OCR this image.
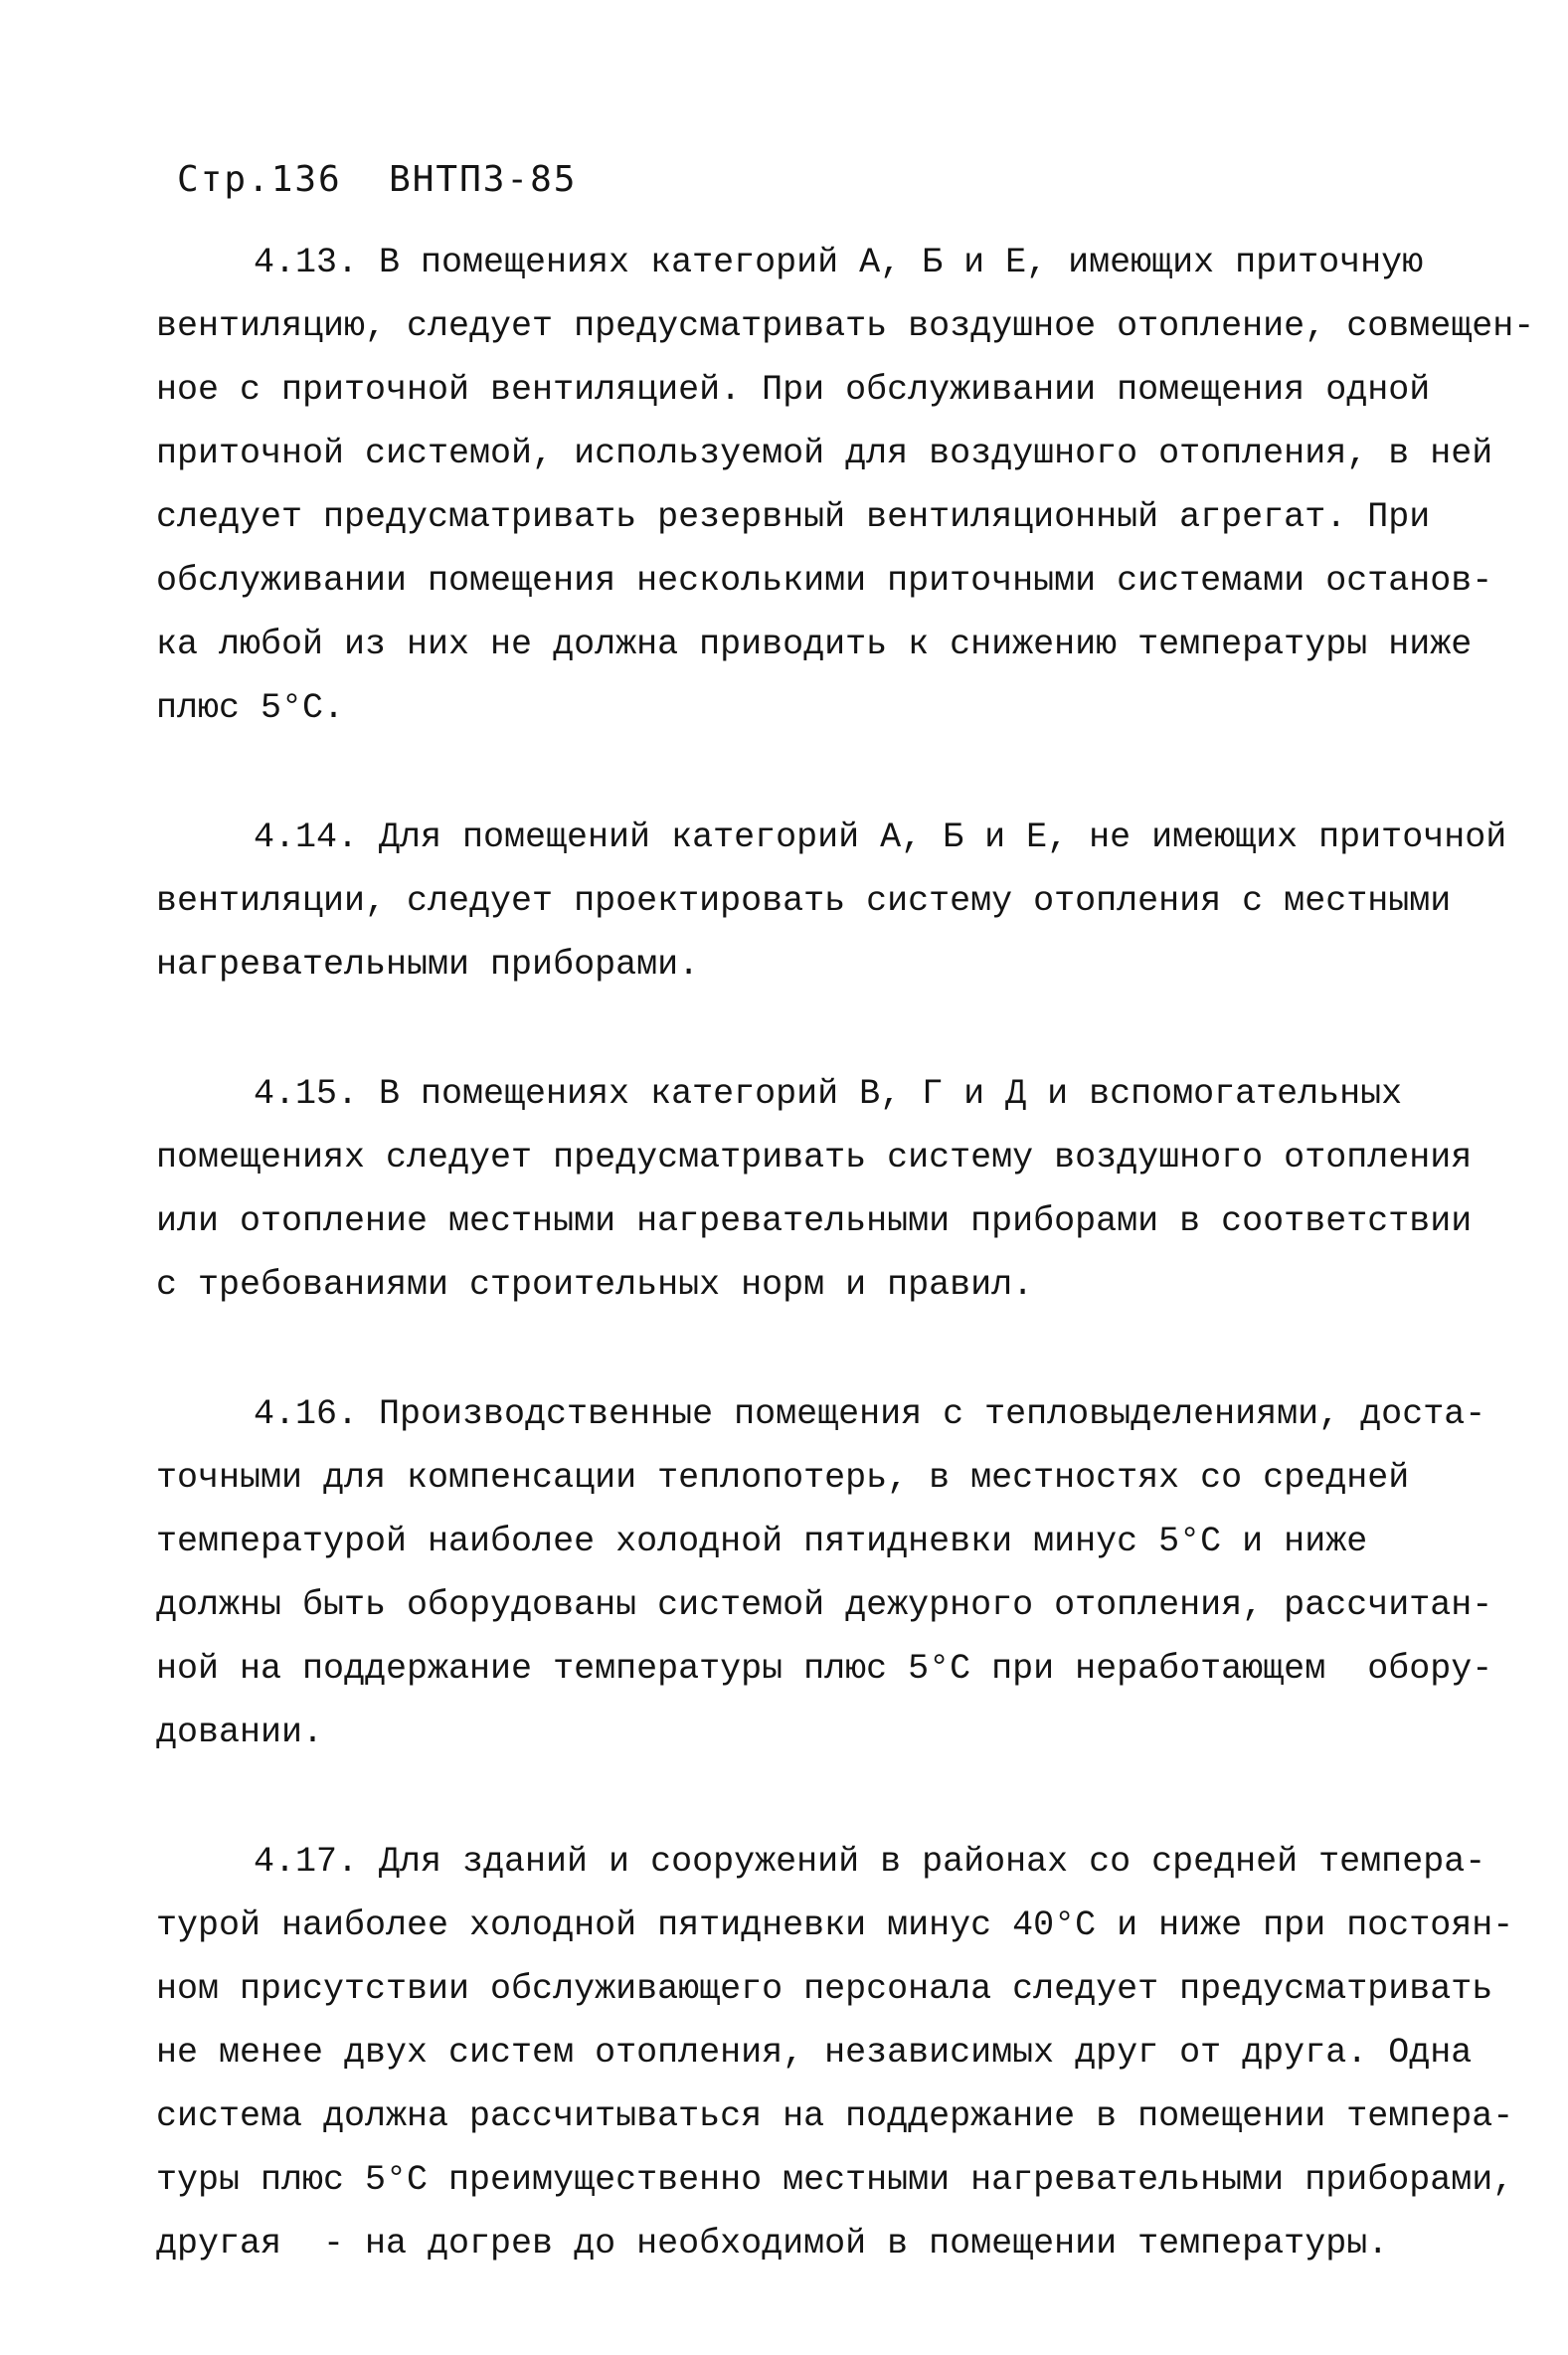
Стр.136  ВНТП3-85
4.13. В помещениях категорий А, Б и Е, имеющих приточную
вентиляцию, следует предусматривать воздушное отопление, совмещен-
ное с приточной вентиляцией. При обслуживании помещения одной
приточной системой, используемой для воздушного отопления, в ней
следует предусматривать резервный вентиляционный агрегат. При
обслуживании помещения несколькими приточными системами останов-
ка любой из них не должна приводить к снижению температуры ниже
плюс 5°С.
4.14. Для помещений категорий А, Б и Е, не имеющих приточной
вентиляции, следует проектировать систему отопления с местными
нагревательными приборами.
4.15. В помещениях категорий В, Г и Д и вспомогательных
помещениях следует предусматривать систему воздушного отопления
или отопление местными нагревательными приборами в соответствии
с требованиями строительных норм и правил.
4.16. Производственные помещения с тепловыделениями, доста-
точными для компенсации теплопотерь, в местностях со средней
температурой наиболее холодной пятидневки минус 5°С и ниже
должны быть оборудованы системой дежурного отопления, рассчитан-
ной на поддержание температуры плюс 5°С при неработающем  обору-
довании.
4.17. Для зданий и сооружений в районах со средней темпера-
турой наиболее холодной пятидневки минус 40°С и ниже при постоян-
ном присутствии обслуживающего персонала следует предусматривать
не менее двух систем отопления, независимых друг от друга. Одна
система должна рассчитываться на поддержание в помещении темпера-
туры плюс 5°С преимущественно местными нагревательными приборами,
другая  - на догрев до необходимой в помещении температуры.
